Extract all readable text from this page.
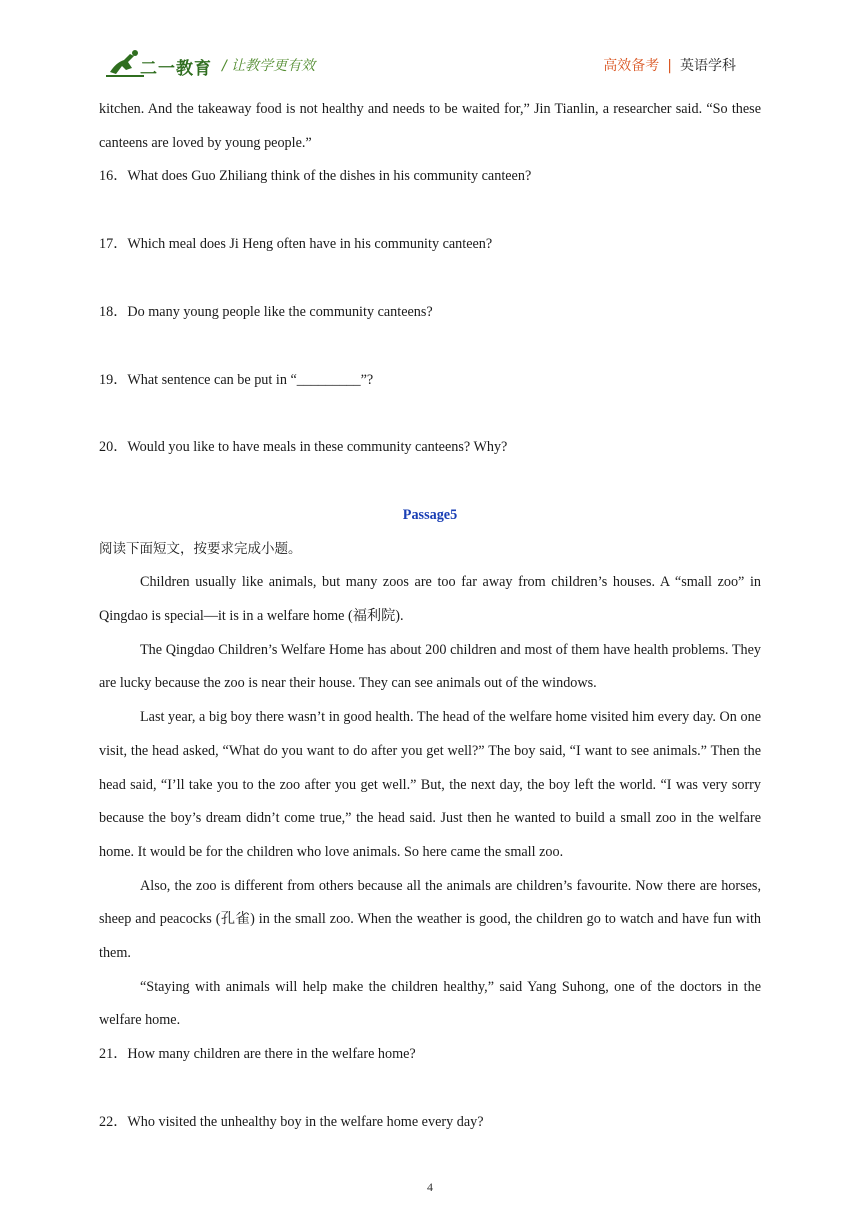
二一教育 / 让教学更有效	高效备考 | 英语学科

kitchen. And the takeaway food is not healthy and needs to be waited for,” Jin Tianlin, a researcher said. “So these canteens are loved by young people.”

16．What does Guo Zhiliang think of the dishes in his community canteen?

17．Which meal does Ji Heng often have in his community canteen?

18．Do many young people like the community canteens?

19．What sentence can be put in “_________”?

20．Would you like to have meals in these community canteens? Why?

Passage5

阅读下面短文，按要求完成小题。

Children usually like animals, but many zoos are too far away from children’s houses. A “small zoo” in Qingdao is special—it is in a welfare home (福利院).

The Qingdao Children’s Welfare Home has about 200 children and most of them have health problems. They are lucky because the zoo is near their house. They can see animals out of the windows.

Last year, a big boy there wasn’t in good health. The head of the welfare home visited him every day. On one visit, the head asked, “What do you want to do after you get well?” The boy said, “I want to see animals.” Then the head said, “I’ll take you to the zoo after you get well.” But, the next day, the boy left the world. “I was very sorry because the boy’s dream didn’t come true,” the head said. Just then he wanted to build a small zoo in the welfare home. It would be for the children who love animals. So here came the small zoo.

Also, the zoo is different from others because all the animals are children’s favourite. Now there are horses, sheep and peacocks (孔雀) in the small zoo. When the weather is good, the children go to watch and have fun with them.

“Staying with animals will help make the children healthy,” said Yang Suhong, one of the doctors in the welfare home.

21．How many children are there in the welfare home?

22．Who visited the unhealthy boy in the welfare home every day?

4
